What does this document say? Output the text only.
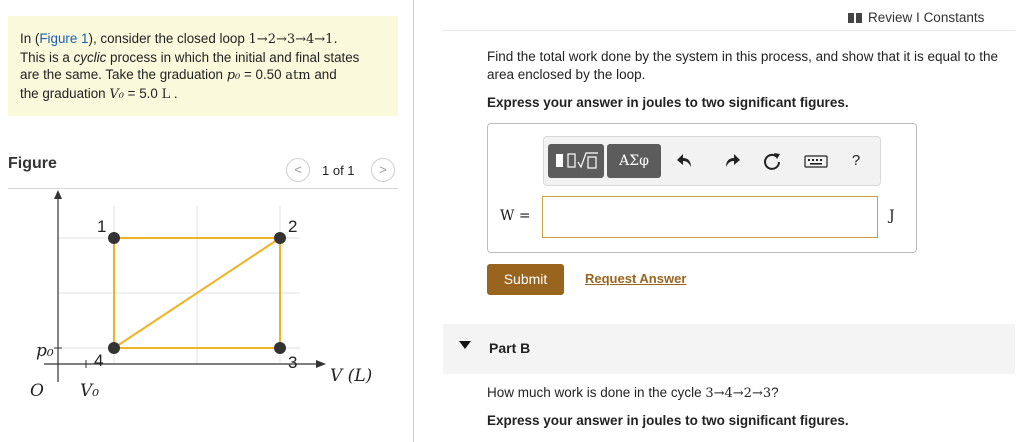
In (Figure 1), consider the closed loop 1→2→3→4→1.
This is a cyclic process in which the initial and final states
are the same. Take the graduation p₀ = 0.50 atm and
the graduation V₀ = 5.0 L .
Figure	<	1 of 1	>
1	2
3
4
p₀
V₀
O
V (L)
Review I Constants
Find the total work done by the system in this process, and show that it is equal to the area enclosed by the loop.
Express your answer in joules to two significant figures.
ΑΣφ	?
W =	J
Submit	Request Answer
Part B
How much work is done in the cycle 3→4→2→3?
Express your answer in joules to two significant figures.
